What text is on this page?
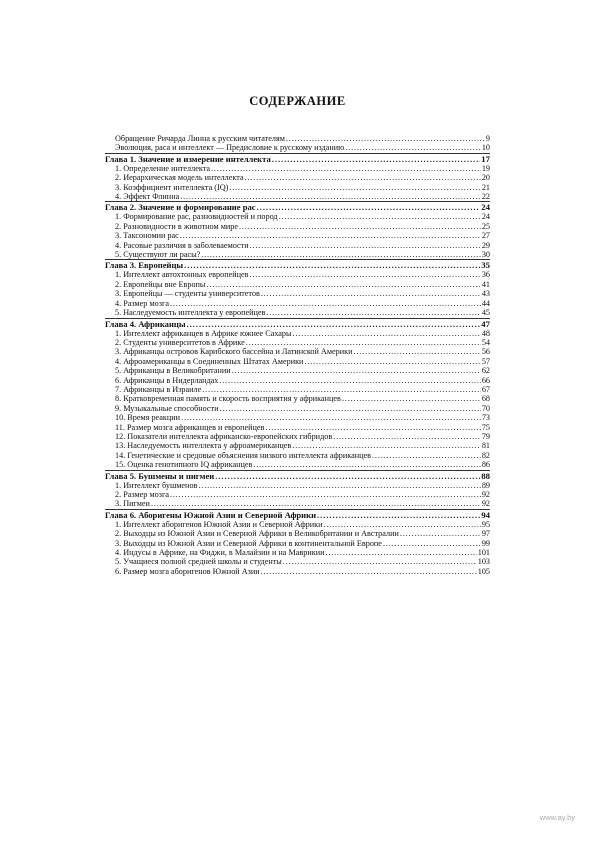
СОДЕРЖАНИЕ
Обращение Ричарда Линна к русским читателям . . .	9
Эволюция, раса и интеллект — Предисловие к русскому изданию . . .	10
Глава 1. Значение и измерение интеллекта . . .	17
1. Определение интеллекта . . .	19
2. Иерархическая модель интеллекта . . .	20
3. Коэффициент интеллекта (IQ) . . .	21
4. Эффект Флинна . . .	22
Глава 2. Значение и формирование рас . . .	24
1. Формирование рас, разновидностей и пород . . .	24
2. Разновидности в животном мире . . .	25
3. Таксономии рас . . .	27
4. Расовые различия в заболеваемости . . .	29
5. Существуют ли расы? . . .	30
Глава 3. Европейцы . . .	35
1. Интеллект автохтонных европейцев . . .	36
2. Европейцы вне Европы . . .	41
3. Европейцы — студенты университетов . . .	43
4. Размер мозга . . .	44
5. Наследуемость интеллекта у европейцев . . .	45
Глава 4. Африканцы . . .	47
1. Интеллект африканцев в Африке южнее Сахары . . .	48
2. Студенты университетов в Африке . . .	54
3. Африканцы островов Карибского бассейна и Латинской Америки . . .	56
4. Афроамериканцы в Соединенных Штатах Америки . . .	57
5. Африканцы в Великобритании . . .	62
6. Африканцы в Нидерландах . . .	66
7. Африканцы в Израиле . . .	67
8. Кратковременная память и скорость восприятия у африканцев . . .	68
9. Музыкальные способности . . .	70
10. Время реакции . . .	73
11. Размер мозга африканцев и европейцев . . .	75
12. Показатели интеллекта африканско-европейских гибридов . . .	79
13. Наследуемость интеллекта у афроамериканцев . . .	81
14. Генетические и средовые объяснения низкого интеллекта африканцев . . .	82
15. Оценка генотипного IQ африканцев . . .	86
Глава 5. Бушмены и пигмеи . . .	88
1. Интеллект бушменов . . .	89
2. Размер мозга . . .	92
3. Пигмеи . . .	92
Глава 6. Аборигены Южной Азии и Северной Африки . . .	94
1. Интеллект аборигенов Южной Азии и Северной Африки . . .	95
2. Выходцы из Южной Азии и Северной Африки в Великобритании и Австралии . . .	97
3. Выходцы из Южной Азии и Северной Африки в континентальной Европе . . .	99
4. Индусы в Африке, на Фиджи, в Малайзии и на Маврикии . . .	101
5. Учащиеся полной средней школы и студенты . . .	103
6. Размер мозга аборигенов Южной Азии . . .	105
www.ay.by
